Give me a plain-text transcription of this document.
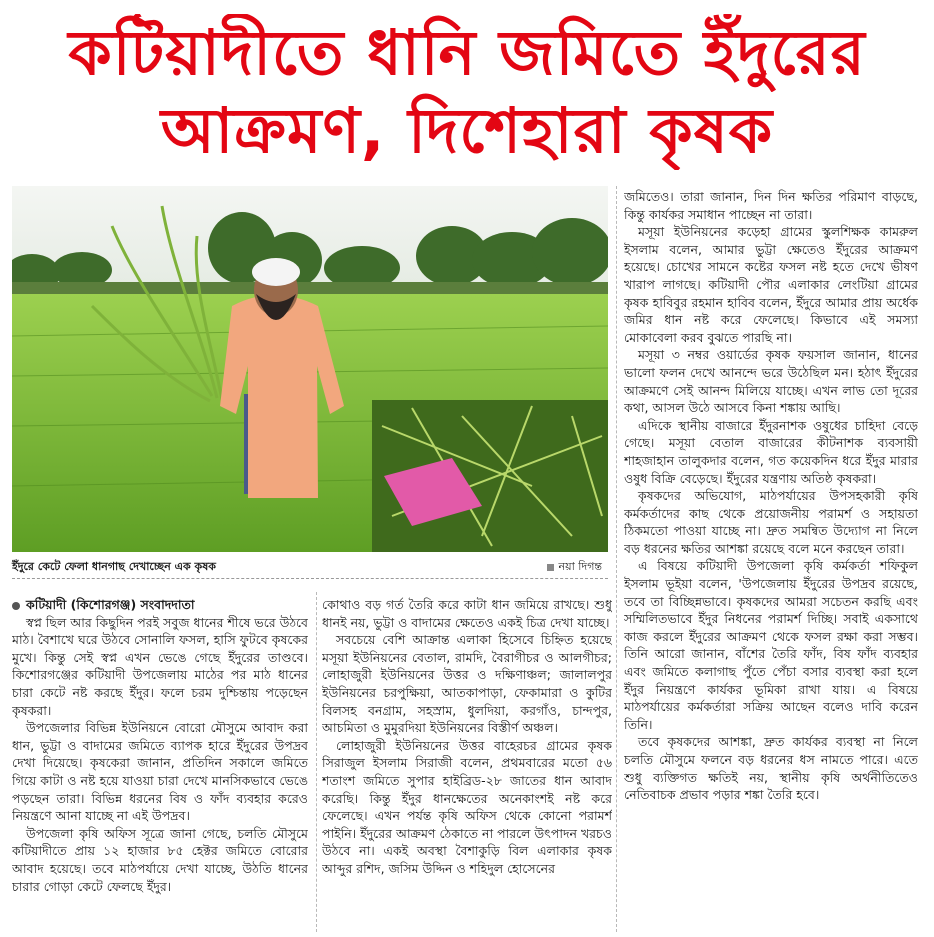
কটিয়াদীতে ধানি জমিতে ইঁদুরের
আক্রমণ, দিশেহারা কৃষক
ইঁদুরে কেটে ফেলা ধানগাছ দেখাচ্ছেন এক কৃষক	নয়া দিগন্ত

কটিয়াদী (কিশোরগঞ্জ) সংবাদদাতা

স্বপ্ন ছিল আর কিছুদিন পরই সবুজ ধানের শীষে ভরে উঠবে মাঠ। বৈশাখে ঘরে উঠবে সোনালি ফসল, হাসি ফুটবে কৃষকের মুখে। কিন্তু সেই স্বপ্ন এখন ভেঙে গেছে ইঁদুরের তাণ্ডবে। কিশোরগঞ্জের কটিয়াদী উপজেলায় মাঠের পর মাঠ ধানের চারা কেটে নষ্ট করছে ইঁদুর। ফলে চরম দুশ্চিন্তায় পড়েছেন কৃষকরা।

উপজেলার বিভিন্ন ইউনিয়নে বোরো মৌসুমে আবাদ করা ধান, ভুট্টা ও বাদামের জমিতে ব্যাপক হারে ইঁদুরের উপদ্রব দেখা দিয়েছে। কৃষকেরা জানান, প্রতিদিন সকালে জমিতে গিয়ে কাটা ও নষ্ট হয়ে যাওয়া চারা দেখে মানসিকভাবে ভেঙে পড়ছেন তারা। বিভিন্ন ধরনের বিষ ও ফাঁদ ব্যবহার করেও নিয়ন্ত্রণে আনা যাচ্ছে না এই উপদ্রব।

উপজেলা কৃষি অফিস সূত্রে জানা গেছে, চলতি মৌসুমে কটিয়াদীতে প্রায় ১২ হাজার ৮৫ হেক্টর জমিতে বোরোর আবাদ হয়েছে। তবে মাঠপর্যায়ে দেখা যাচ্ছে, উঠতি ধানের চারার গোড়া কেটে ফেলছে ইঁদুর।

কোথাও বড় গর্ত তৈরি করে কাটা ধান জমিয়ে রাখছে। শুধু ধানই নয়, ভুট্টা ও বাদামের ক্ষেতেও একই চিত্র দেখা যাচ্ছে।

সবচেয়ে বেশি আক্রান্ত এলাকা হিসেবে চিহ্নিত হয়েছে মসূয়া ইউনিয়নের বেতাল, রামদি, বৈরাগীচর ও আলগীচর; লোহাজুরী ইউনিয়নের উত্তর ও দক্ষিণাঞ্চল; জালালপুর ইউনিয়নের চরপুক্ষিয়া, আতকাপাড়া, ফেকামারা ও কুটির বিলসহ বনগ্রাম, সহস্রাম, ধুলদিয়া, করগাঁও, চান্দপুর, আচমিতা ও মুমুরদিয়া ইউনিয়নের বিস্তীর্ণ অঞ্চল।

লোহাজুরী ইউনিয়নের উত্তর বাহেরচর গ্রামের কৃষক সিরাজুল ইসলাম সিরাজী বলেন, প্রথমবারের মতো ৫৬ শতাংশ জমিতে সুপার হাইব্রিড-২৮ জাতের ধান আবাদ করেছি। কিন্তু ইঁদুর ধানক্ষেতের অনেকাংশই নষ্ট করে ফেলেছে। এখন পর্যন্ত কৃষি অফিস থেকে কোনো পরামর্শ পাইনি। ইঁদুরের আক্রমণ ঠেকাতে না পারলে উৎপাদন খরচও উঠবে না। একই অবস্থা বৈশাকুড়ি বিল এলাকার কৃষক আব্দুর রশিদ, জসিম উদ্দিন ও শহিদুল হোসেনের

জমিতেও। তারা জানান, দিন দিন ক্ষতির পরিমাণ বাড়ছে, কিন্তু কার্যকর সমাধান পাচ্ছেন না তারা।

মসূয়া ইউনিয়নের কড়েহা গ্রামের স্কুলশিক্ষক কামরুল ইসলাম বলেন, আমার ভুট্টা ক্ষেতেও ইঁদুরের আক্রমণ হয়েছে। চোখের সামনে কষ্টের ফসল নষ্ট হতে দেখে ভীষণ খারাপ লাগছে। কটিয়াদী পৌর এলাকার লেংটিয়া গ্রামের কৃষক হাবিবুর রহমান হাবিব বলেন, ইঁদুরে আমার প্রায় অর্ধেক জমির ধান নষ্ট করে ফেলেছে। কিভাবে এই সমস্যা মোকাবেলা করব বুঝতে পারছি না।

মসূয়া ৩ নম্বর ওয়ার্ডের কৃষক ফয়সাল জানান, ধানের ভালো ফলন দেখে আনন্দে ভরে উঠেছিল মন। হঠাৎ ইঁদুরের আক্রমণে সেই আনন্দ মিলিয়ে যাচ্ছে। এখন লাভ তো দূরের কথা, আসল উঠে আসবে কিনা শঙ্কায় আছি।

এদিকে স্থানীয় বাজারে ইঁদুরনাশক ওষুধের চাহিদা বেড়ে গেছে। মসূয়া বেতাল বাজারের কীটনাশক ব্যবসায়ী শাহজাহান তালুকদার বলেন, গত কয়েকদিন ধরে ইঁদুর মারার ওষুধ বিক্রি বেড়েছে। ইঁদুরের যন্ত্রণায় অতিষ্ঠ কৃষকরা।

কৃষকদের অভিযোগ, মাঠপর্যায়ের উপসহকারী কৃষি কর্মকর্তাদের কাছ থেকে প্রয়োজনীয় পরামর্শ ও সহায়তা ঠিকমতো পাওয়া যাচ্ছে না। দ্রুত সমন্বিত উদ্যোগ না নিলে বড় ধরনের ক্ষতির আশঙ্কা রয়েছে বলে মনে করছেন তারা।

এ বিষয়ে কটিয়াদী উপজেলা কৃষি কর্মকর্তা শফিকুল ইসলাম ভূইয়া বলেন, 'উপজেলায় ইঁদুরের উপদ্রব রয়েছে, তবে তা বিচ্ছিন্নভাবে। কৃষকদের আমরা সচেতন করছি এবং সম্মিলিতভাবে ইঁদুর নিধনের পরামর্শ দিচ্ছি। সবাই একসাথে কাজ করলে ইঁদুরের আক্রমণ থেকে ফসল রক্ষা করা সম্ভব। তিনি আরো জানান, বাঁশের তৈরি ফাঁদ, বিষ ফাঁদ ব্যবহার এবং জমিতে কলাগাছ পুঁতে পেঁচা বসার ব্যবস্থা করা হলে ইঁদুর নিয়ন্ত্রণে কার্যকর ভূমিকা রাখা যায়। এ বিষয়ে মাঠপর্যায়ের কর্মকর্তারা সক্রিয় আছেন বলেও দাবি করেন তিনি।

তবে কৃষকদের আশঙ্কা, দ্রুত কার্যকর ব্যবস্থা না নিলে চলতি মৌসুমে ফলনে বড় ধরনের ধস নামতে পারে। এতে শুধু ব্যক্তিগত ক্ষতিই নয়, স্থানীয় কৃষি অর্থনীতিতেও নেতিবাচক প্রভাব পড়ার শঙ্কা তৈরি হবে।
